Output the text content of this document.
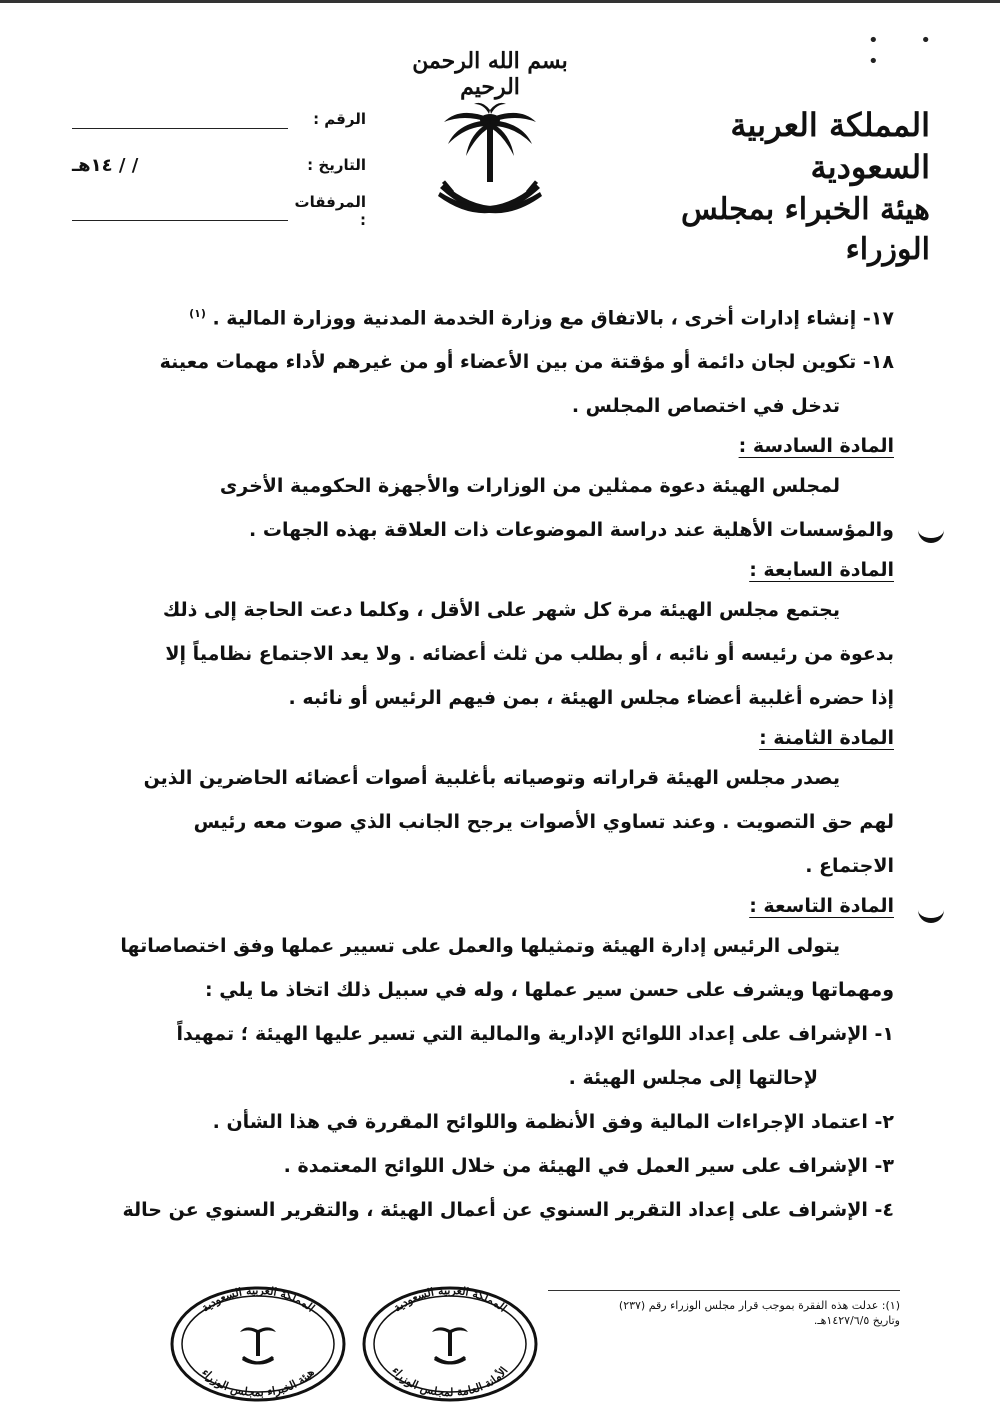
• • •
بسم الله الرحمن الرحيم
المملكة العربية السعودية
هيئة الخبراء بمجلس الوزراء
الرقم :
التاريخ :
/ / ١٤هـ
المرفقات :
١٧- إنشاء إدارات أخرى ، بالاتفاق مع وزارة الخدمة المدنية ووزارة المالية . $^{(١)}$
١٨- تكوين لجان دائمة أو مؤقتة من بين الأعضاء أو من غيرهم لأداء مهمات معينة
تدخل في اختصاص المجلس .
المادة السادسة :
لمجلس الهيئة دعوة ممثلين من الوزارات والأجهزة الحكومية الأخرى
والمؤسسات الأهلية عند دراسة الموضوعات ذات العلاقة بهذه الجهات .
المادة السابعة :
يجتمع مجلس الهيئة مرة كل شهر على الأقل ، وكلما دعت الحاجة إلى ذلك
بدعوة من رئيسه أو نائبه ، أو بطلب من ثلث أعضائه . ولا يعد الاجتماع نظامياً إلا
إذا حضره أغلبية أعضاء مجلس الهيئة ، بمن فيهم الرئيس أو نائبه .
المادة الثامنة :
يصدر مجلس الهيئة قراراته وتوصياته بأغلبية أصوات أعضائه الحاضرين الذين
لهم حق التصويت . وعند تساوي الأصوات يرجح الجانب الذي صوت معه رئيس
الاجتماع .
المادة التاسعة :
يتولى الرئيس إدارة الهيئة وتمثيلها والعمل على تسيير عملها وفق اختصاصاتها
ومهماتها ويشرف على حسن سير عملها ، وله في سبيل ذلك اتخاذ ما يلي :
١- الإشراف على إعداد اللوائح الإدارية والمالية التي تسير عليها الهيئة ؛ تمهيداً
لإحالتها إلى مجلس الهيئة .
٢- اعتماد الإجراءات المالية وفق الأنظمة واللوائح المقررة في هذا الشأن .
٣- الإشراف على سير العمل في الهيئة من خلال اللوائح المعتمدة .
٤- الإشراف على إعداد التقرير السنوي عن أعمال الهيئة ، والتقرير السنوي عن حالة
(١): عدلت هذه الفقرة بموجب قرار مجلس الوزراء رقم (٢٣٧)
وتاريخ ١٤٢٧/٦/٥هـ.
المملكة العربية السعودية
هيئة الخبراء بمجلس الوزراء
المملكة العربية السعودية
الأمانة العامة لمجلس الوزراء
